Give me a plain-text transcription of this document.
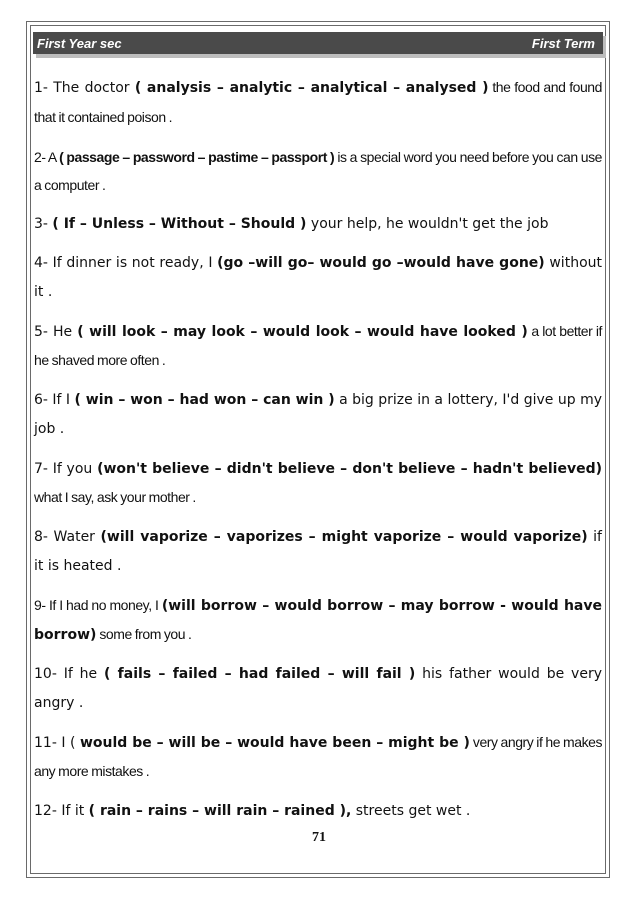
First Year sec	First Term

1- The doctor ( analysis – analytic – analytical – analysed ) the food and found that it contained poison .

2- A ( passage – password – pastime – passport ) is a special word you need before you can use a computer .

3- ( If – Unless – Without – Should ) your help, he wouldn't get the job

4- If dinner is not ready, I (go –will go– would go –would have gone) without it .

5- He ( will look – may look – would look – would have looked ) a lot better if he shaved more often .

6- If I ( win – won – had won – can win ) a big prize in a lottery, I'd give up my job .

7- If you (won't believe – didn't believe – don't believe – hadn't believed) what I say, ask your mother .

8- Water (will vaporize – vaporizes – might vaporize – would vaporize) if it is heated .

9- If I had no money, I (will borrow – would borrow – may borrow - would have borrow) some from you .

10- If he ( fails – failed – had failed – will fail ) his father would be very angry .

11- I ( would be – will be – would have been – might be ) very angry if he makes any more mistakes .

12- If it ( rain – rains – will rain – rained ), streets get wet .

71
